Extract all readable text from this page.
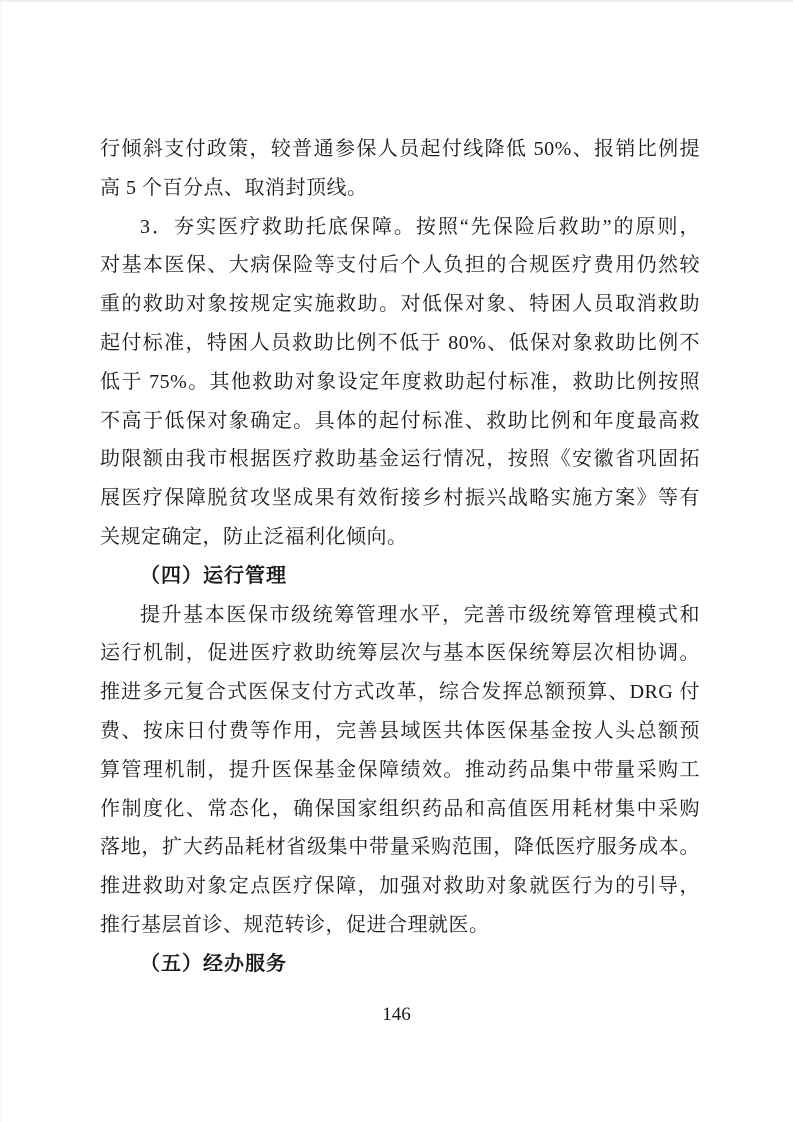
行倾斜支付政策，较普通参保人员起付线降低 50%、报销比例提
高 5 个百分点、取消封顶线。
3．夯实医疗救助托底保障。按照“先保险后救助”的原则，
对基本医保、大病保险等支付后个人负担的合规医疗费用仍然较
重的救助对象按规定实施救助。对低保对象、特困人员取消救助
起付标准，特困人员救助比例不低于 80%、低保对象救助比例不
低于 75%。其他救助对象设定年度救助起付标准，救助比例按照
不高于低保对象确定。具体的起付标准、救助比例和年度最高救
助限额由我市根据医疗救助基金运行情况，按照《安徽省巩固拓
展医疗保障脱贫攻坚成果有效衔接乡村振兴战略实施方案》等有
关规定确定，防止泛福利化倾向。
（四）运行管理
提升基本医保市级统筹管理水平，完善市级统筹管理模式和
运行机制，促进医疗救助统筹层次与基本医保统筹层次相协调。
推进多元复合式医保支付方式改革，综合发挥总额预算、DRG 付
费、按床日付费等作用，完善县域医共体医保基金按人头总额预
算管理机制，提升医保基金保障绩效。推动药品集中带量采购工
作制度化、常态化，确保国家组织药品和高值医用耗材集中采购
落地，扩大药品耗材省级集中带量采购范围，降低医疗服务成本。
推进救助对象定点医疗保障，加强对救助对象就医行为的引导，
推行基层首诊、规范转诊，促进合理就医。
（五）经办服务
146
